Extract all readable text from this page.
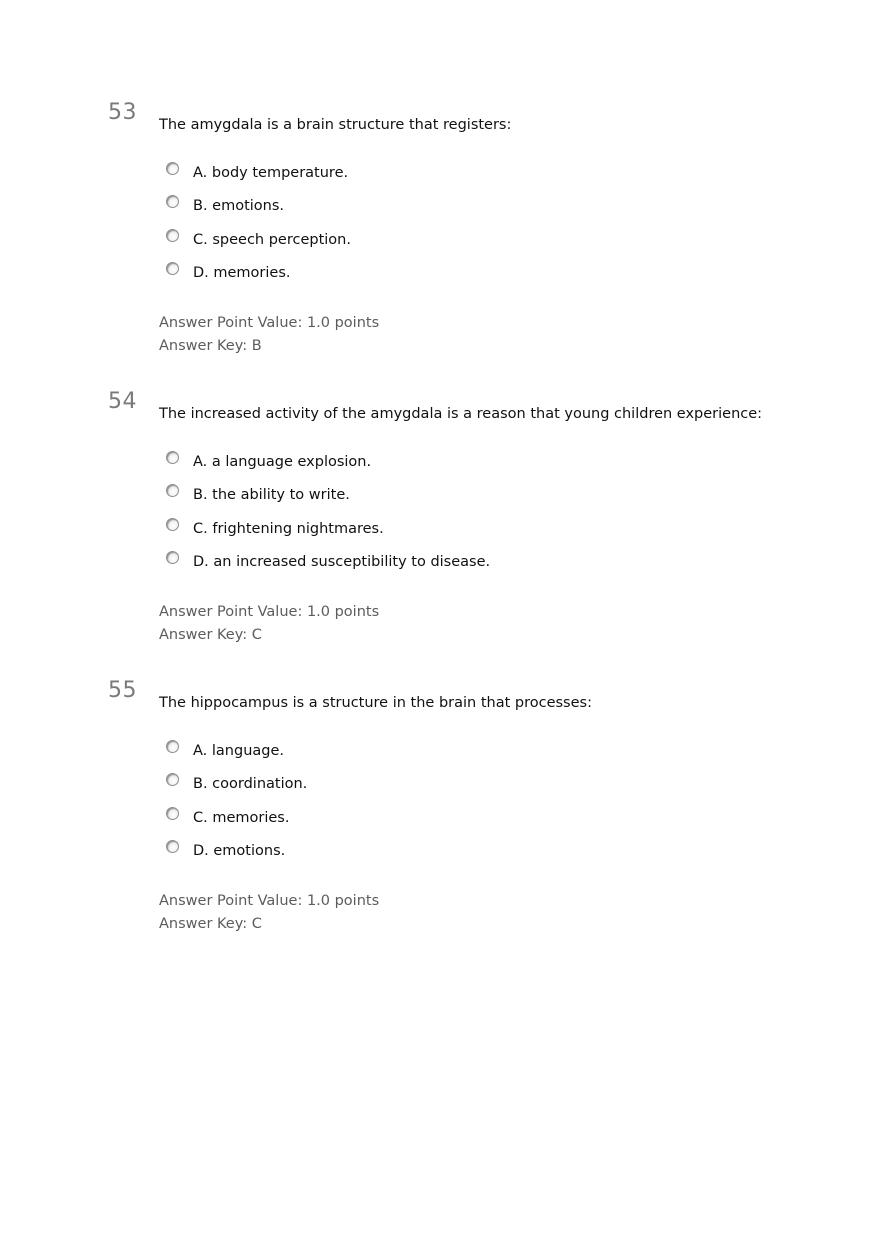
53 The amygdala is a brain structure that registers:
A. body temperature.
B. emotions.
C. speech perception.
D. memories.
Answer Point Value: 1.0 points
Answer Key: B
54 The increased activity of the amygdala is a reason that young children experience:
A. a language explosion.
B. the ability to write.
C. frightening nightmares.
D. an increased susceptibility to disease.
Answer Point Value: 1.0 points
Answer Key: C
55 The hippocampus is a structure in the brain that processes:
A. language.
B. coordination.
C. memories.
D. emotions.
Answer Point Value: 1.0 points
Answer Key: C
